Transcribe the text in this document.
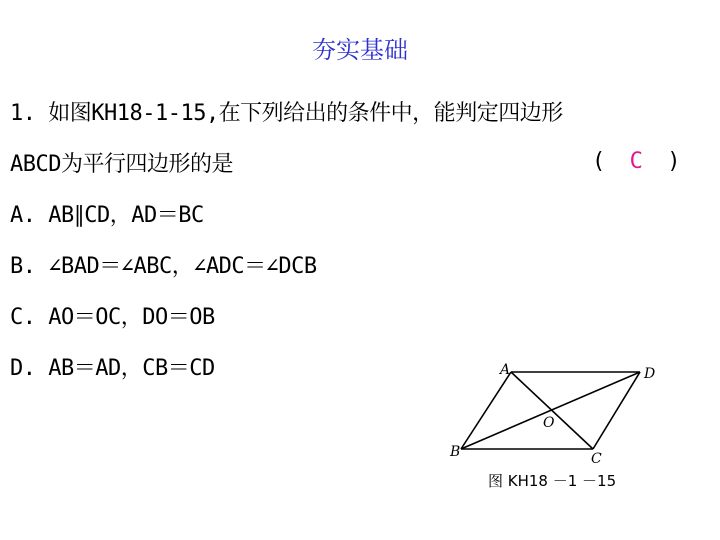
夯实基础
1. 如图KH18-1-15,在下列给出的条件中，能判定四边形
ABCD为平行四边形的是	( C )
A. AB∥CD，AD＝BC
B. ∠BAD＝∠ABC，∠ADC＝∠DCB
C. AO＝OC，DO＝OB
D. AB＝AD，CB＝CD	A	D
B	C
O
图 KH18 －1 －15
